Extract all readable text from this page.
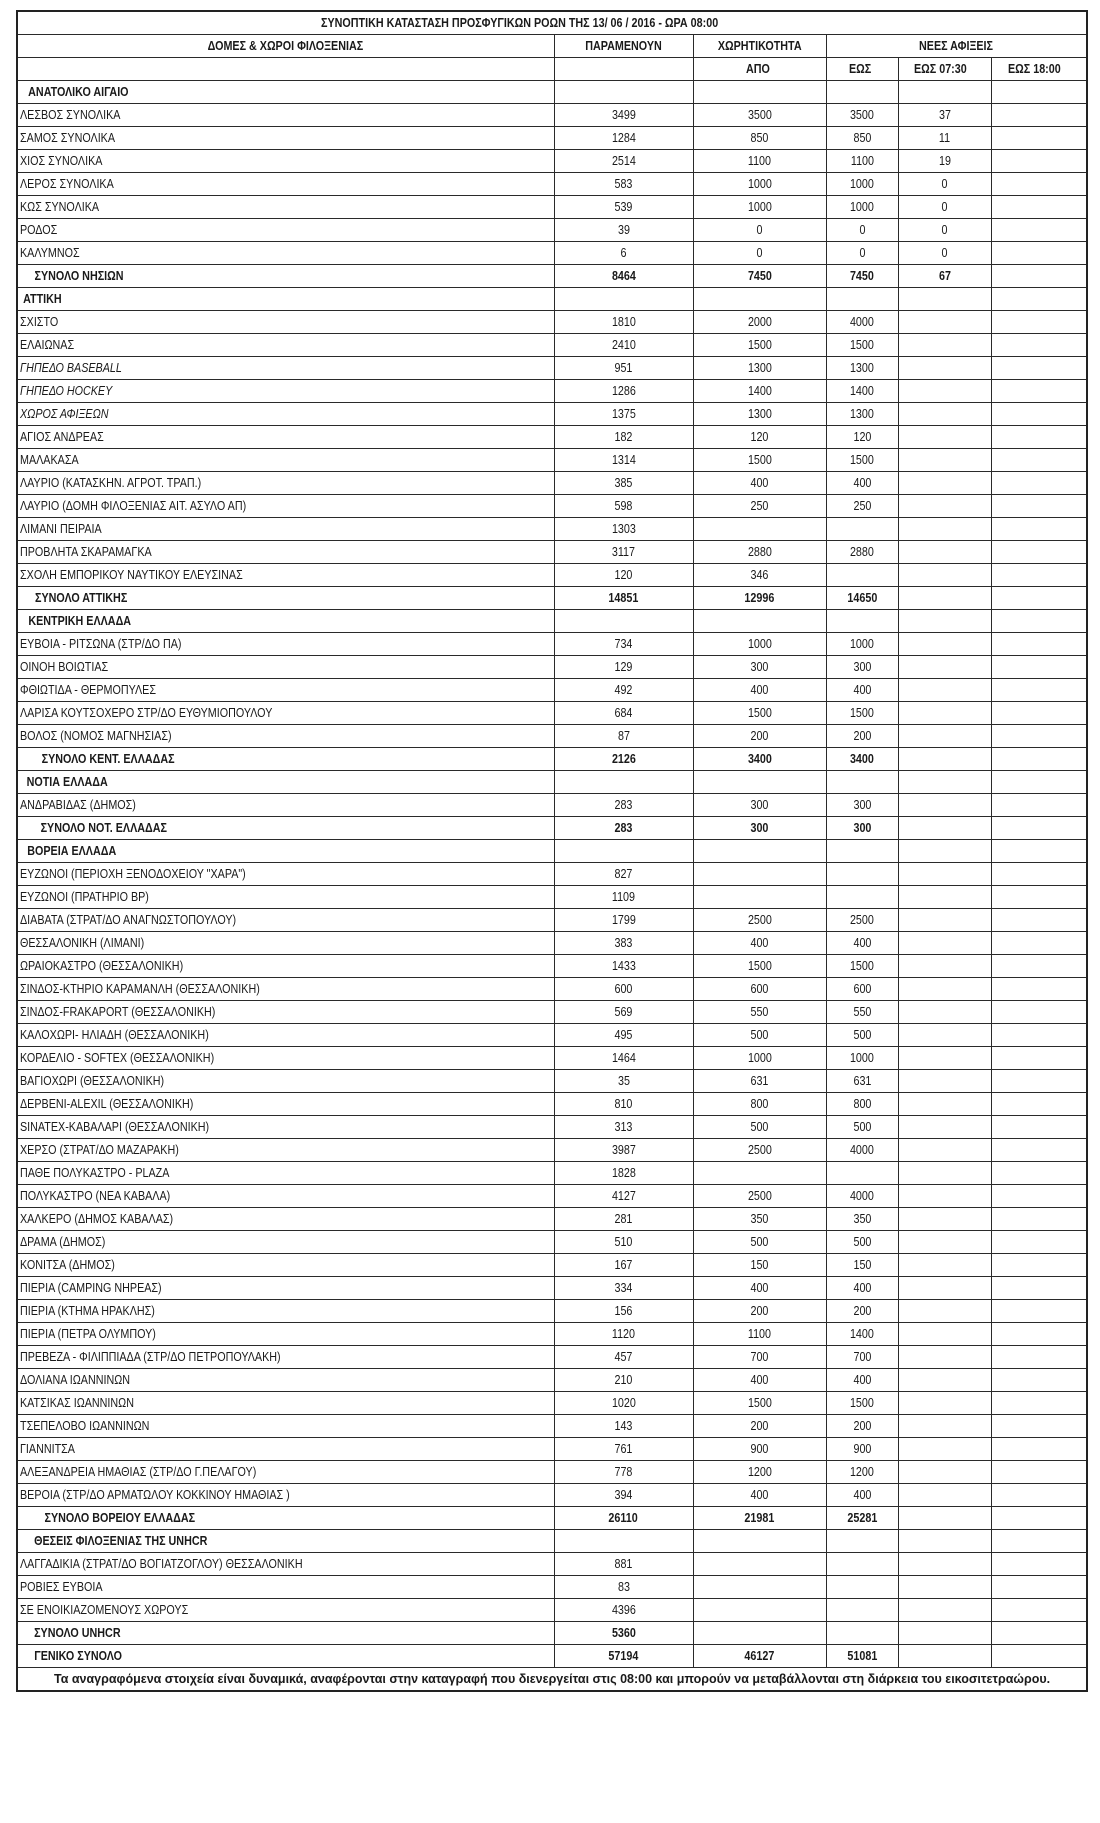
ΣΥΝΟΠΤΙΚΗ ΚΑΤΑΣΤΑΣΗ ΠΡΟΣΦΥΓΙΚΩΝ ΡΟΩΝ ΤΗΣ 13/ 06 / 2016 - ΩΡΑ 08:00					
ΔΟΜΕΣ & ΧΩΡΟΙ ΦΙΛΟΞΕΝΙΑΣ	ΠΑΡΑΜΕΝΟΥΝ	ΧΩΡΗΤΙΚΟΤΗΤΑ	ΝΕΕΣ ΑΦΙΞΕΙΣ		
		ΑΠΟ	ΕΩΣ	ΕΩΣ 07:30	ΕΩΣ 18:00
ΑΝΑΤΟΛΙΚΟ ΑΙΓΑΙΟ					
ΛΕΣΒΟΣ ΣΥΝΟΛΙΚΑ	3499	3500	3500	37	
ΣΑΜΟΣ ΣΥΝΟΛΙΚΑ	1284	850	850	11	
ΧΙΟΣ ΣΥΝΟΛΙΚΑ	2514	1100	1100	19	
ΛΕΡΟΣ ΣΥΝΟΛΙΚΑ	583	1000	1000	0	
ΚΩΣ ΣΥΝΟΛΙΚΑ	539	1000	1000	0	
ΡΟΔΟΣ	39	0	0	0	
ΚΑΛΥΜΝΟΣ	6	0	0	0	
ΣΥΝΟΛΟ ΝΗΣΙΩΝ	8464	7450	7450	67	
ΑΤΤΙΚΗ					
ΣΧΙΣΤΟ	1810	2000	4000		
ΕΛΑΙΩΝΑΣ	2410	1500	1500		
ΓΗΠΕΔΟ BASEBALL	951	1300	1300		
ΓΗΠΕΔΟ HOCKEY	1286	1400	1400		
ΧΩΡΟΣ ΑΦΙΞΕΩΝ	1375	1300	1300		
ΑΓΙΟΣ ΑΝΔΡΕΑΣ	182	120	120		
ΜΑΛΑΚΑΣΑ	1314	1500	1500		
ΛΑΥΡΙΟ (ΚΑΤΑΣΚΗΝ. ΑΓΡΟΤ. ΤΡΑΠ.)	385	400	400		
ΛΑΥΡΙΟ (ΔΟΜΗ ΦΙΛΟΞΕΝΙΑΣ ΑΙΤ. ΑΣΥΛΟ ΑΠ)	598	250	250		
ΛΙΜΑΝΙ ΠΕΙΡΑΙΑ	1303				
ΠΡΟΒΛΗΤΑ ΣΚΑΡΑΜΑΓΚΑ	3117	2880	2880		
ΣΧΟΛΗ ΕΜΠΟΡΙΚΟΥ ΝΑΥΤΙΚΟΥ ΕΛΕΥΣΙΝΑΣ	120	346			
ΣΥΝΟΛΟ ΑΤΤΙΚΗΣ	14851	12996	14650		
ΚΕΝΤΡΙΚΗ ΕΛΛΑΔΑ					
ΕΥΒΟΙΑ - ΡΙΤΣΩΝΑ (ΣΤΡ/ΔΟ ΠΑ)	734	1000	1000		
ΟΙΝΟΗ ΒΟΙΩΤΙΑΣ	129	300	300		
ΦΘΙΩΤΙΔΑ - ΘΕΡΜΟΠΥΛΕΣ	492	400	400		
ΛΑΡΙΣΑ ΚΟΥΤΣΟΧΕΡΟ ΣΤΡ/ΔΟ ΕΥΘΥΜΙΟΠΟΥΛΟΥ	684	1500	1500		
ΒΟΛΟΣ (ΝΟΜΟΣ ΜΑΓΝΗΣΙΑΣ)	87	200	200		
ΣΥΝΟΛΟ ΚΕΝΤ. ΕΛΛΑΔΑΣ	2126	3400	3400		
ΝΟΤΙΑ ΕΛΛΑΔΑ					
ΑΝΔΡΑΒΙΔΑΣ (ΔΗΜΟΣ)	283	300	300		
ΣΥΝΟΛΟ ΝΟΤ. ΕΛΛΑΔΑΣ	283	300	300		
ΒΟΡΕΙΑ ΕΛΛΑΔΑ					
ΕΥΖΩΝΟΙ (ΠΕΡΙΟΧΗ ΞΕΝΟΔΟΧΕΙΟΥ "ΧΑΡΑ")	827				
ΕΥΖΩΝΟΙ (ΠΡΑΤΗΡΙΟ BP)	1109				
ΔΙΑΒΑΤΑ (ΣΤΡΑΤ/ΔΟ ΑΝΑΓΝΩΣΤΟΠΟΥΛΟΥ)	1799	2500	2500		
ΘΕΣΣΑΛΟΝΙΚΗ (ΛΙΜΑΝΙ)	383	400	400		
ΩΡΑΙΟΚΑΣΤΡΟ (ΘΕΣΣΑΛΟΝΙΚΗ)	1433	1500	1500		
ΣΙΝΔΟΣ-ΚΤΗΡΙΟ ΚΑΡΑΜΑΝΛΗ (ΘΕΣΣΑΛΟΝΙΚΗ)	600	600	600		
ΣΙΝΔΟΣ-FRAKAPORT (ΘΕΣΣΑΛΟΝΙΚΗ)	569	550	550		
ΚΑΛΟΧΩΡΙ- ΗΛΙΑΔΗ (ΘΕΣΣΑΛΟΝΙΚΗ)	495	500	500		
ΚΟΡΔΕΛΙΟ - SOFTEX (ΘΕΣΣΑΛΟΝΙΚΗ)	1464	1000	1000		
ΒΑΓΙΟΧΩΡΙ (ΘΕΣΣΑΛΟΝΙΚΗ)	35	631	631		
ΔΕΡΒΕΝΙ-ALEXIL (ΘΕΣΣΑΛΟΝΙΚΗ)	810	800	800		
SINATEX-ΚΑΒΑΛΑΡΙ (ΘΕΣΣΑΛΟΝΙΚΗ)	313	500	500		
ΧΕΡΣΟ (ΣΤΡΑΤ/ΔΟ ΜΑΖΑΡΑΚΗ)	3987	2500	4000		
ΠΑΘΕ ΠΟΛΥΚΑΣΤΡΟ - PLAZA	1828				
ΠΟΛΥΚΑΣΤΡΟ (ΝΕΑ ΚΑΒΑΛΑ)	4127	2500	4000		
ΧΑΛΚΕΡΟ (ΔΗΜΟΣ ΚΑΒΑΛΑΣ)	281	350	350		
ΔΡΑΜΑ (ΔΗΜΟΣ)	510	500	500		
ΚΟΝΙΤΣΑ (ΔΗΜΟΣ)	167	150	150		
ΠΙΕΡΙΑ (CAMPING ΝΗΡΕΑΣ)	334	400	400		
ΠΙΕΡΙΑ (ΚΤΗΜΑ ΗΡΑΚΛΗΣ)	156	200	200		
ΠΙΕΡΙΑ (ΠΕΤΡΑ ΟΛΥΜΠΟΥ)	1120	1100	1400		
ΠΡΕΒΕΖΑ - ΦΙΛΙΠΠΙΑΔΑ (ΣΤΡ/ΔΟ ΠΕΤΡΟΠΟΥΛΑΚΗ)	457	700	700		
ΔΟΛΙΑΝΑ ΙΩΑΝΝΙΝΩΝ	210	400	400		
ΚΑΤΣΙΚΑΣ ΙΩΑΝΝΙΝΩΝ	1020	1500	1500		
ΤΣΕΠΕΛΟΒΟ ΙΩΑΝΝΙΝΩΝ	143	200	200		
ΓΙΑΝΝΙΤΣΑ	761	900	900		
ΑΛΕΞΑΝΔΡΕΙΑ ΗΜΑΘΙΑΣ (ΣΤΡ/ΔΟ Γ.ΠΕΛΑΓΟΥ)	778	1200	1200		
ΒΕΡΟΙΑ (ΣΤΡ/ΔΟ ΑΡΜΑΤΩΛΟΥ ΚΟΚΚΙΝΟΥ ΗΜΑΘΙΑΣ )	394	400	400		
ΣΥΝΟΛΟ ΒΟΡΕΙΟΥ ΕΛΛΑΔΑΣ	26110	21981	25281		
ΘΕΣΕΙΣ ΦΙΛΟΞΕΝΙΑΣ ΤΗΣ UNHCR					
ΛΑΓΓΑΔΙΚΙΑ (ΣΤΡΑΤ/ΔΟ ΒΟΓΙΑΤΖΟΓΛΟΥ) ΘΕΣΣΑΛΟΝΙΚΗ	881				
ΡΟΒΙΕΣ ΕΥΒΟΙΑ	83				
ΣΕ ΕΝΟΙΚΙΑΖΟΜΕΝΟΥΣ ΧΩΡΟΥΣ	4396				
ΣΥΝΟΛΟ UNHCR	5360				
ΓΕΝΙΚΟ ΣΥΝΟΛΟ	57194	46127	51081		
Τα αναγραφόμενα στοιχεία είναι δυναμικά, αναφέρονται στην καταγραφή που διενεργείται στις 08:00 και μπορούν να μεταβάλλονται στη διάρκεια του εικοσιτετραώρου.					
